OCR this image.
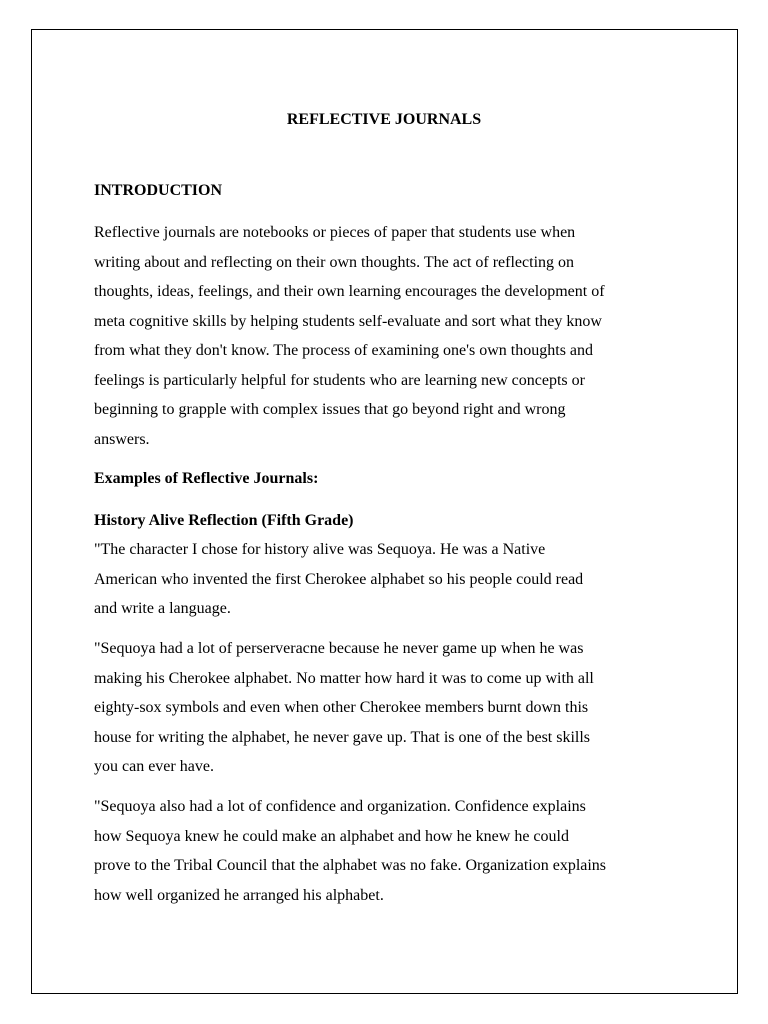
REFLECTIVE JOURNALS
INTRODUCTION
Reflective journals are notebooks or pieces of paper that students use when
writing about and reflecting on their own thoughts. The act of reflecting on
thoughts, ideas, feelings, and their own learning encourages the development of
meta cognitive skills by helping students self-evaluate and sort what they know
from what they don't know. The process of examining one's own thoughts and
feelings is particularly helpful for students who are learning new concepts or
beginning to grapple with complex issues that go beyond right and wrong
answers.
Examples of Reflective Journals:
History Alive Reflection (Fifth Grade)
"The character I chose for history alive was Sequoya. He was a Native
American who invented the first Cherokee alphabet so his people could read
and write a language.
"Sequoya had a lot of perserveracne because he never game up when he was
making his Cherokee alphabet. No matter how hard it was to come up with all
eighty-sox symbols and even when other Cherokee members burnt down this
house for writing the alphabet, he never gave up. That is one of the best skills
you can ever have.
"Sequoya also had a lot of confidence and organization. Confidence explains
how Sequoya knew he could make an alphabet and how he knew he could
prove to the Tribal Council that the alphabet was no fake. Organization explains
how well organized he arranged his alphabet.
